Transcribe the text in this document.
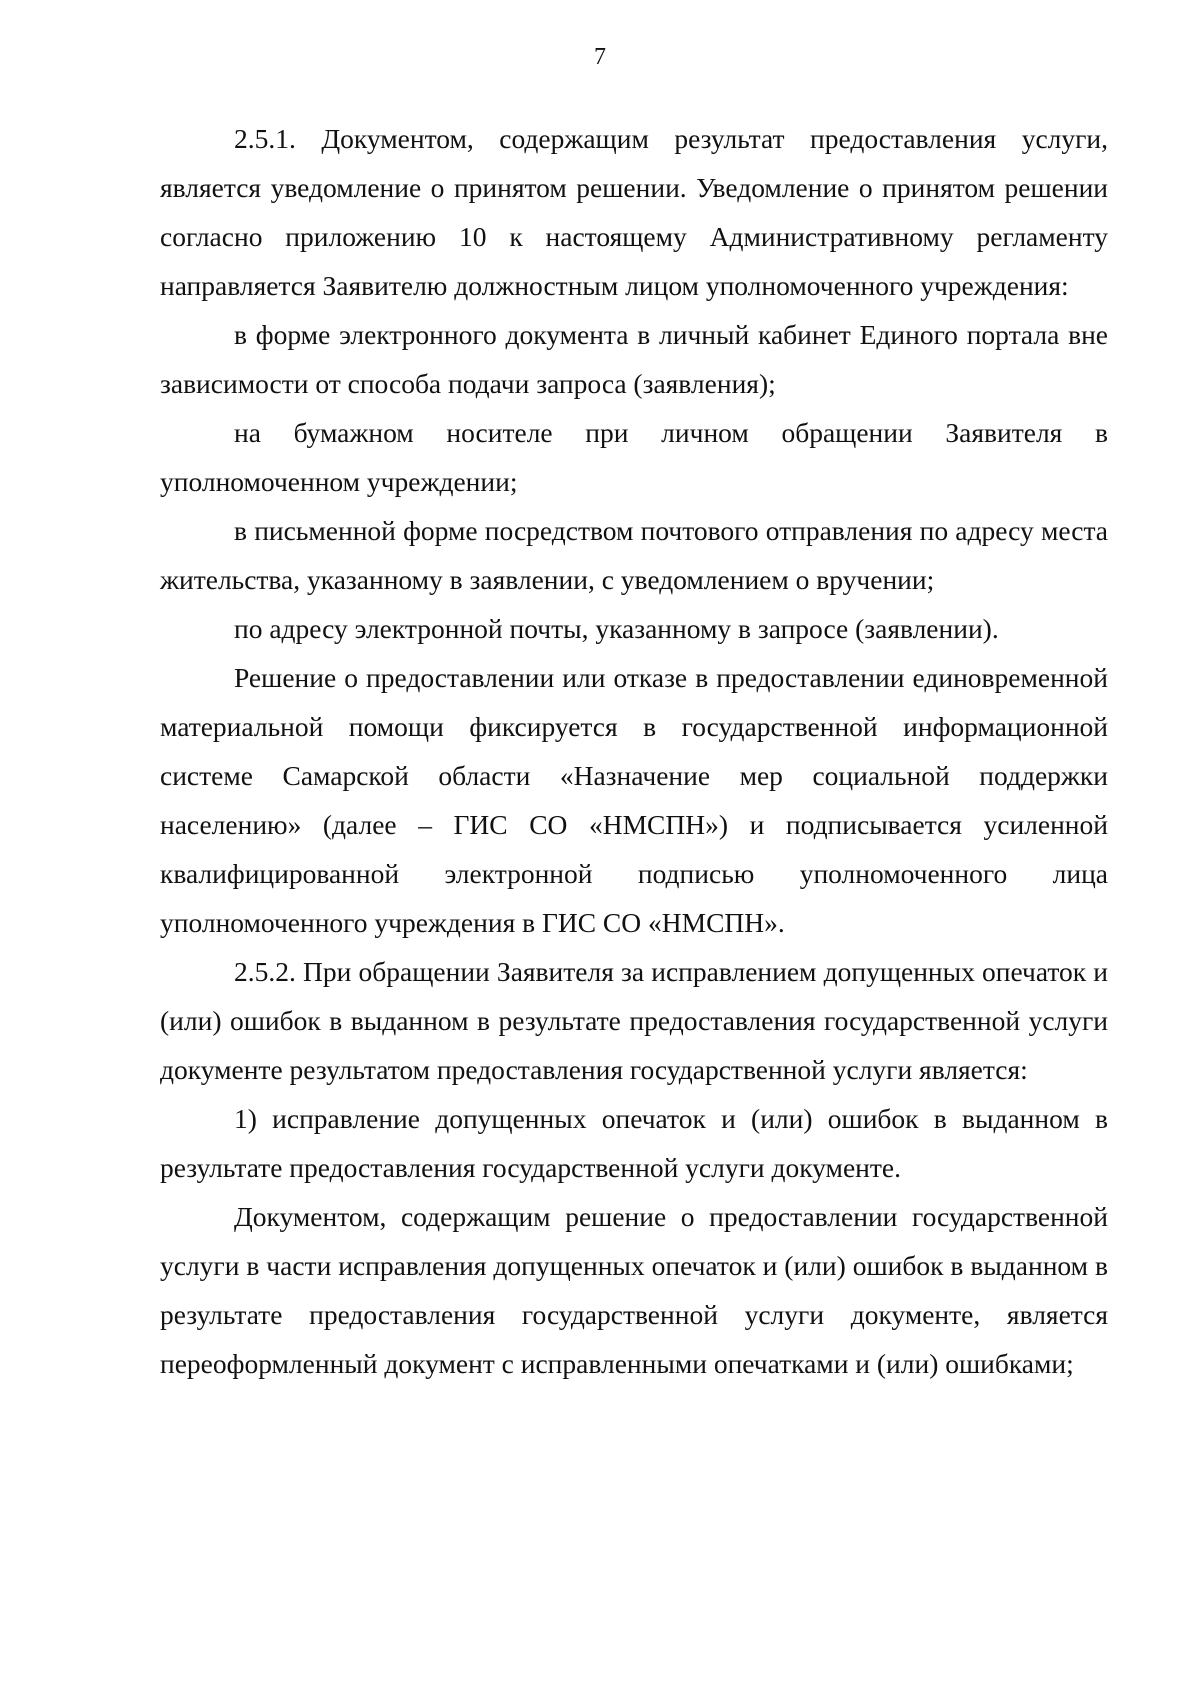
7

2.5.1. Документом, содержащим результат предоставления услуги, является уведомление о принятом решении. Уведомление о принятом решении согласно приложению 10 к настоящему Административному регламенту направляется Заявителю должностным лицом уполномоченного учреждения:

в форме электронного документа в личный кабинет Единого портала вне зависимости от способа подачи запроса (заявления);

на бумажном носителе при личном обращении Заявителя в уполномоченном учреждении;

в письменной форме посредством почтового отправления по адресу места жительства, указанному в заявлении, с уведомлением о вручении;

по адресу электронной почты, указанному в запросе (заявлении).

Решение о предоставлении или отказе в предоставлении единовременной материальной помощи фиксируется в государственной информационной системе Самарской области «Назначение мер социальной поддержки населению» (далее – ГИС СО «НМСПН») и подписывается усиленной квалифицированной электронной подписью уполномоченного лица уполномоченного учреждения в ГИС СО «НМСПН».

2.5.2. При обращении Заявителя за исправлением допущенных опечаток и (или) ошибок в выданном в результате предоставления государственной услуги документе результатом предоставления государственной услуги является:

1) исправление допущенных опечаток и (или) ошибок в выданном в результате предоставления государственной услуги документе.

Документом, содержащим решение о предоставлении государственной услуги в части исправления допущенных опечаток и (или) ошибок в выданном в результате предоставления государственной услуги документе, является переоформленный документ с исправленными опечатками и (или) ошибками;
